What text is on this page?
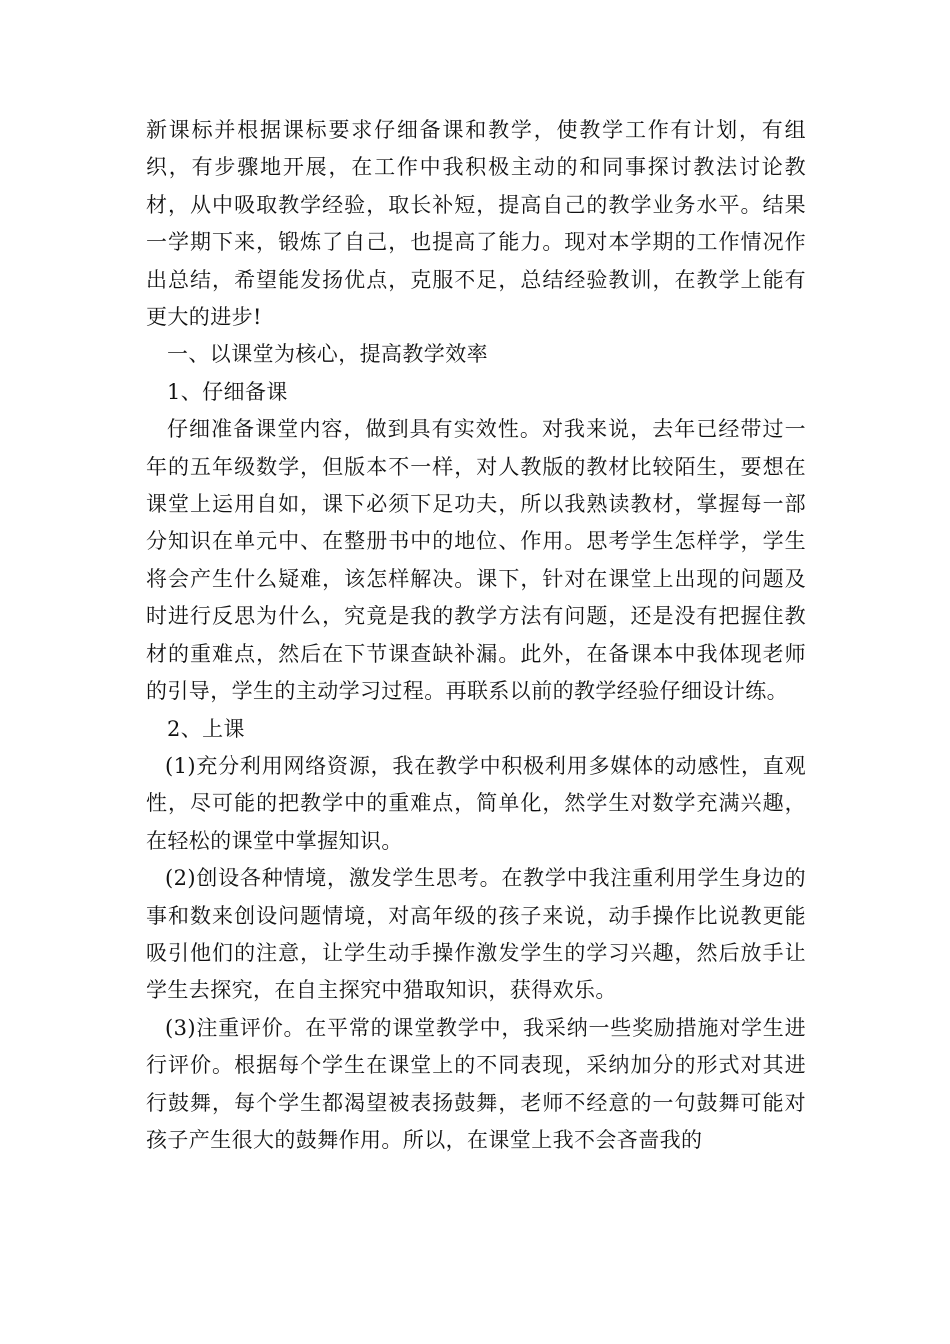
新课标并根据课标要求仔细备课和教学，使教学工作有计划，有组织，有步骤地开展，在工作中我积极主动的和同事探讨教法讨论教材，从中吸取教学经验，取长补短，提高自己的教学业务水平。结果一学期下来，锻炼了自己，也提高了能力。现对本学期的工作情况作出总结，希望能发扬优点，克服不足，总结经验教训，在教学上能有更大的进步!

一、以课堂为核心，提高教学效率

1、仔细备课

仔细准备课堂内容，做到具有实效性。对我来说，去年已经带过一年的五年级数学，但版本不一样，对人教版的教材比较陌生，要想在课堂上运用自如，课下必须下足功夫，所以我熟读教材，掌握每一部分知识在单元中、在整册书中的地位、作用。思考学生怎样学，学生将会产生什么疑难，该怎样解决。课下，针对在课堂上出现的问题及时进行反思为什么，究竟是我的教学方法有问题，还是没有把握住教材的重难点，然后在下节课查缺补漏。此外，在备课本中我体现老师的引导，学生的主动学习过程。再联系以前的教学经验仔细设计练。

2、上课

(1)充分利用网络资源，我在教学中积极利用多媒体的动感性，直观性，尽可能的把教学中的重难点，简单化，然学生对数学充满兴趣，在轻松的课堂中掌握知识。

(2)创设各种情境，激发学生思考。在教学中我注重利用学生身边的事和数来创设问题情境，对高年级的孩子来说，动手操作比说教更能吸引他们的注意，让学生动手操作激发学生的学习兴趣，然后放手让学生去探究，在自主探究中猎取知识，获得欢乐。

(3)注重评价。在平常的课堂教学中，我采纳一些奖励措施对学生进行评价。根据每个学生在课堂上的不同表现，采纳加分的形式对其进行鼓舞，每个学生都渴望被表扬鼓舞，老师不经意的一句鼓舞可能对孩子产生很大的鼓舞作用。所以，在课堂上我不会吝啬我的
